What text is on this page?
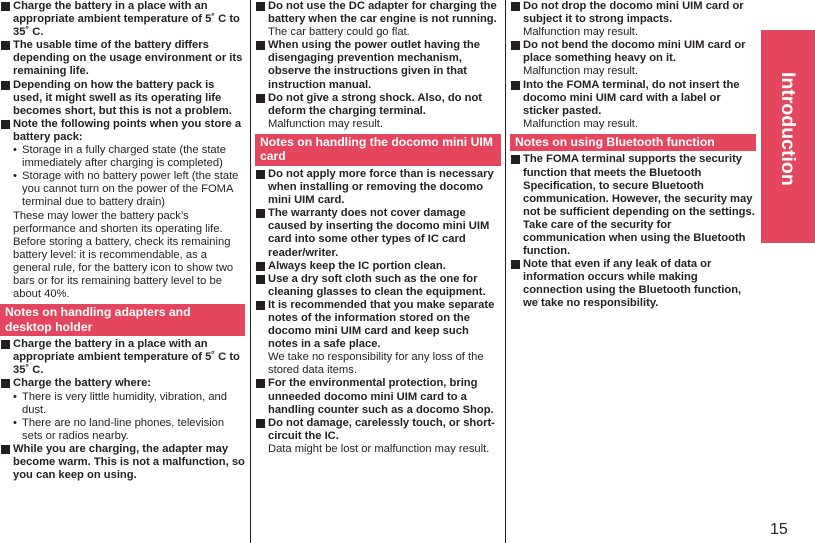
Charge the battery in a place with an appropriate ambient temperature of 5˚ C to 35˚ C.
The usable time of the battery differs depending on the usage environment or its remaining life.
Depending on how the battery pack is used, it might swell as its operating life becomes short, but this is not a problem.
Note the following points when you store a battery pack:
• Storage in a fully charged state (the state immediately after charging is completed)
• Storage with no battery power left (the state you cannot turn on the power of the FOMA terminal due to battery drain)
These may lower the battery pack’s performance and shorten its operating life. Before storing a battery, check its remaining battery level: it is recommendable, as a general rule, for the battery icon to show two bars or for its remaining battery level to be about 40%.
Notes on handling adapters and desktop holder
Charge the battery in a place with an appropriate ambient temperature of 5˚ C to 35˚ C.
Charge the battery where:
• There is very little humidity, vibration, and dust.
• There are no land-line phones, television sets or radios nearby.
While you are charging, the adapter may become warm. This is not a malfunction, so you can keep on using.
Do not use the DC adapter for charging the battery when the car engine is not running.
The car battery could go flat.
When using the power outlet having the disengaging prevention mechanism, observe the instructions given in that instruction manual.
Do not give a strong shock. Also, do not deform the charging terminal.
Malfunction may result.
Notes on handling the docomo mini UIM card
Do not apply more force than is necessary when installing or removing the docomo mini UIM card.
The warranty does not cover damage caused by inserting the docomo mini UIM card into some other types of IC card reader/writer.
Always keep the IC portion clean.
Use a dry soft cloth such as the one for cleaning glasses to clean the equipment.
It is recommended that you make separate notes of the information stored on the docomo mini UIM card and keep such notes in a safe place.
We take no responsibility for any loss of the stored data items.
For the environmental protection, bring unneeded docomo mini UIM card to a handling counter such as a docomo Shop.
Do not damage, carelessly touch, or short-circuit the IC.
Data might be lost or malfunction may result.
Do not drop the docomo mini UIM card or subject it to strong impacts.
Malfunction may result.
Do not bend the docomo mini UIM card or place something heavy on it.
Malfunction may result.
Into the FOMA terminal, do not insert the docomo mini UIM card with a label or sticker pasted.
Malfunction may result.
Notes on using Bluetooth function
The FOMA terminal supports the security function that meets the Bluetooth Specification, to secure Bluetooth communication. However, the security may not be sufficient depending on the settings. Take care of the security for communication when using the Bluetooth function.
Note that even if any leak of data or information occurs while making connection using the Bluetooth function, we take no responsibility.
Introduction
15
